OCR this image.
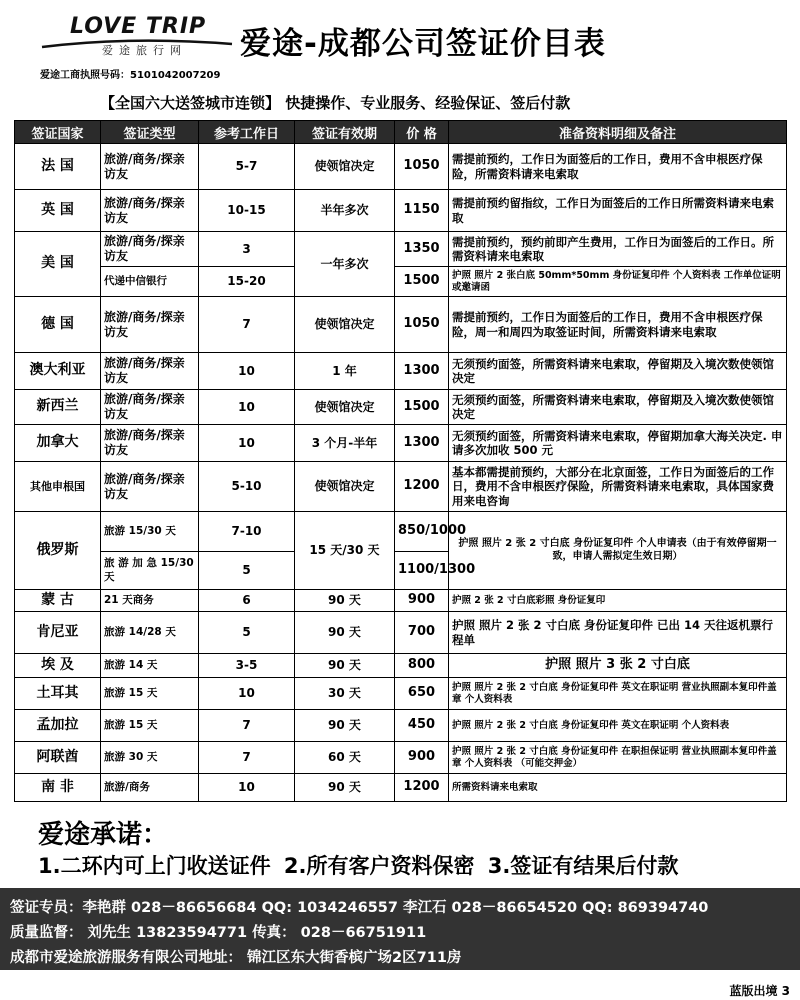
LOVE TRIP
爱途旅行网 爱途-成都公司签证价目表
爱途工商执照号码：5101042007209
【全国六大送签城市连锁】 快捷操作、专业服务、经验保证、签后付款
签证国家	签证类型	参考工作日	签证有效期	价 格	准备资料明细及备注
法 国	旅游/商务/探亲访友	5-7	使领馆决定	1050	需提前预约，工作日为面签后的工作日，费用不含申根医疗保险，所需资料请来电索取
英 国	旅游/商务/探亲访友	10-15	半年多次	1150	需提前预约留指纹，工作日为面签后的工作日所需资料请来电索取
美 国	旅游/商务/探亲访友	3	一年多次	1350	需提前预约，预约前即产生费用，工作日为面签后的工作日。所需资料请来电索取
	代递中信银行	15-20		1500	护照 照片 2 张白底 50mm*50mm 身份证复印件 个人资料表 工作单位证明或邀请函
德 国	旅游/商务/探亲访友	7	使领馆决定	1050	需提前预约，工作日为面签后的工作日，费用不含申根医疗保险，周一和周四为取签证时间，所需资料请来电索取
澳大利亚	旅游/商务/探亲访友	10	1 年	1300	无须预约面签，所需资料请来电索取，停留期及入境次数使领馆决定
新西兰	旅游/商务/探亲访友	10	使领馆决定	1500	无须预约面签，所需资料请来电索取，停留期及入境次数使领馆决定
加拿大	旅游/商务/探亲访友	10	3 个月-半年	1300	无须预约面签，所需资料请来电索取，停留期加拿大海关决定. 申请多次加收 500 元
其他申根国	旅游/商务/探亲访友	5-10	使领馆决定	1200	基本都需提前预约，大部分在北京面签，工作日为面签后的工作日，费用不含申根医疗保险，所需资料请来电索取，具体国家费用来电咨询
俄罗斯	旅游 15/30 天	7-10	15 天/30 天	850/1000	护照 照片 2 张 2 寸白底 身份证复印件 个人申请表（由于有效停留期一致，申请人需拟定生效日期）
	旅 游 加 急 15/30 天	5		1100/1300	
蒙 古	21 天商务	6	90 天	900	护照 2 张 2 寸白底彩照 身份证复印
肯尼亚	旅游 14/28 天	5	90 天	700	护照 照片 2 张 2 寸白底 身份证复印件 已出 14 天往返机票行程单
埃 及	旅游 14 天	3-5	90 天	800	护照 照片 3 张 2 寸白底
土耳其	旅游 15 天	10	30 天	650	护照 照片 2 张 2 寸白底 身份证复印件 英文在职证明 营业执照副本复印件盖章 个人资料表
孟加拉	旅游 15 天	7	90 天	450	护照 照片 2 张 2 寸白底 身份证复印件 英文在职证明 个人资料表
阿联酋	旅游 30 天	7	60 天	900	护照 照片 2 张 2 寸白底 身份证复印件 在职担保证明 营业执照副本复印件盖章 个人资料表 （可能交押金）
南 非	旅游/商务	10	90 天	1200	所需资料请来电索取
爱途承诺：
1.二环内可上门收送证件 2.所有客户资料保密 3.签证有结果后付款
签证专员：李艳群 028－86656684 QQ: 1034246557 李江石 028－86654520 QQ: 869394740
质量监督： 刘先生 13823594771 传真： 028－66751911
成都市爱途旅游服务有限公司地址： 锦江区东大街香槟广场2区711房
蓝版出境 3
